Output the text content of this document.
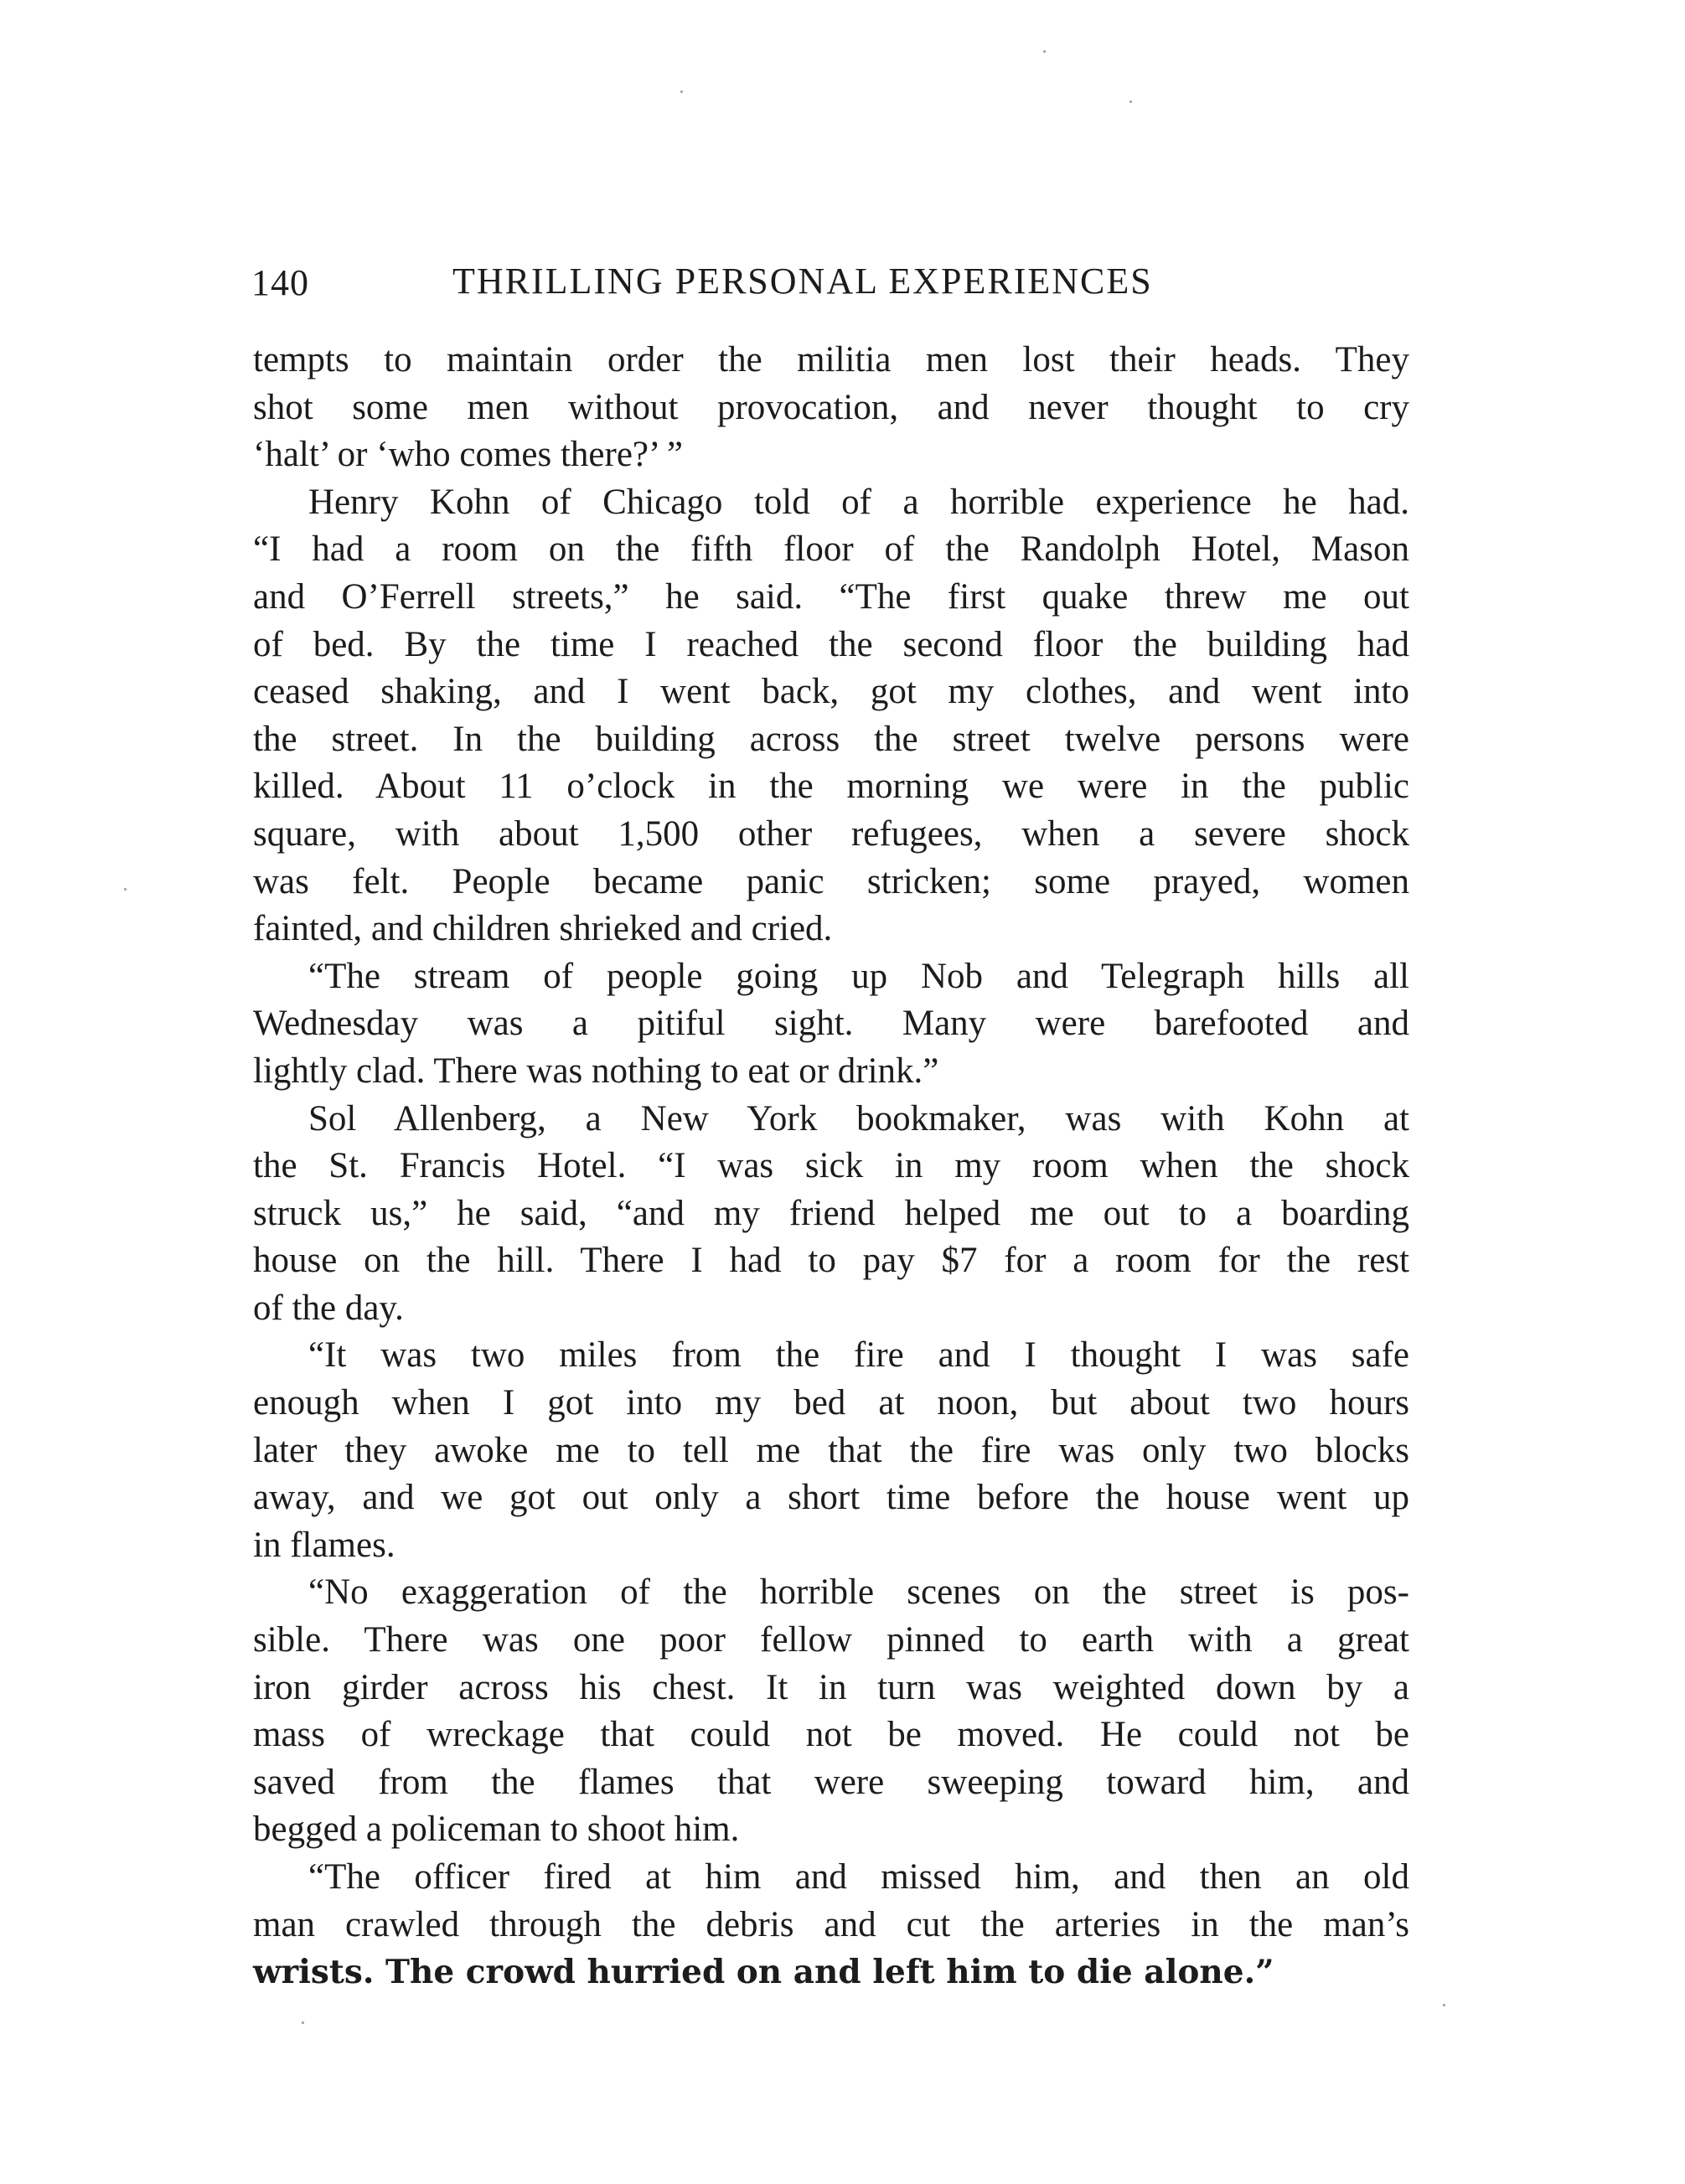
140	THRILLING PERSONAL EXPERIENCES
tempts to maintain order the militia men lost their heads. They
shot some men without provocation, and never thought to cry
‘halt’ or ‘who comes there?’ ”
Henry Kohn of Chicago told of a horrible experience he had.
“I had a room on the fifth floor of the Randolph Hotel, Mason
and O’Ferrell streets,” he said. “The first quake threw me out
of bed. By the time I reached the second floor the building had
ceased shaking, and I went back, got my clothes, and went into
the street. In the building across the street twelve persons were
killed. About 11 o’clock in the morning we were in the public
square, with about 1,500 other refugees, when a severe shock
was felt. People became panic stricken; some prayed, women
fainted, and children shrieked and cried.
“The stream of people going up Nob and Telegraph hills all
Wednesday was a pitiful sight. Many were barefooted and
lightly clad. There was nothing to eat or drink.”
Sol Allenberg, a New York bookmaker, was with Kohn at
the St. Francis Hotel. “I was sick in my room when the shock
struck us,” he said, “and my friend helped me out to a boarding
house on the hill. There I had to pay $7 for a room for the rest
of the day.
“It was two miles from the fire and I thought I was safe
enough when I got into my bed at noon, but about two hours
later they awoke me to tell me that the fire was only two blocks
away, and we got out only a short time before the house went up
in flames.
“No exaggeration of the horrible scenes on the street is pos-
sible. There was one poor fellow pinned to earth with a great
iron girder across his chest. It in turn was weighted down by a
mass of wreckage that could not be moved. He could not be
saved from the flames that were sweeping toward him, and
begged a policeman to shoot him.
“The officer fired at him and missed him, and then an old
man crawled through the debris and cut the arteries in the man’s
wrists. The crowd hurried on and left him to die alone.”
